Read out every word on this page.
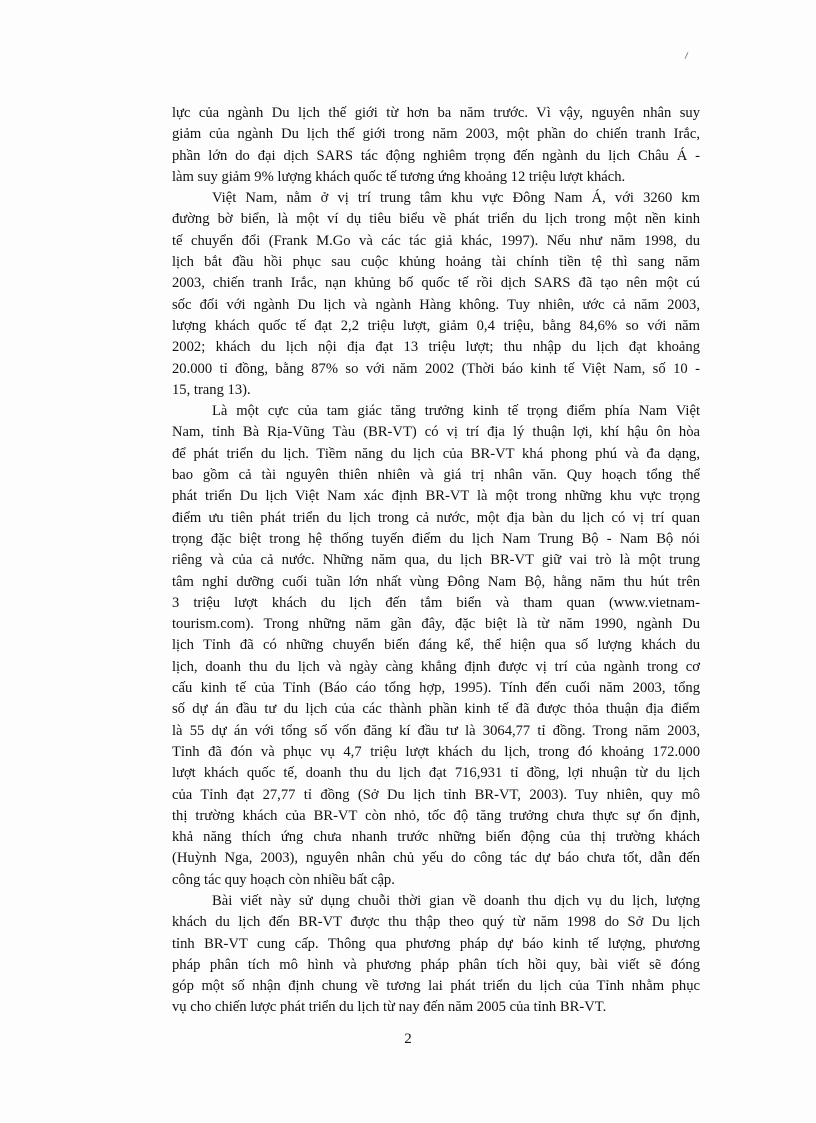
lực của ngành Du lịch thế giới từ hơn ba năm trước. Vì vậy, nguyên nhân suy
giảm của ngành Du lịch thế giới trong năm 2003, một phần do chiến tranh Irắc,
phần lớn do đại dịch SARS tác động nghiêm trọng đến ngành du lịch Châu Á -
làm suy giảm 9% lượng khách quốc tế tương ứng khoảng 12 triệu lượt khách.
Việt Nam, nằm ở vị trí trung tâm khu vực Đông Nam Á, với 3260 km
đường bờ biển, là một ví dụ tiêu biểu về phát triển du lịch trong một nền kinh
tế chuyển đổi (Frank M.Go và các tác giả khác, 1997). Nếu như năm 1998, du
lịch bắt đầu hồi phục sau cuộc khủng hoảng tài chính tiền tệ thì sang năm
2003, chiến tranh Irắc, nạn khủng bố quốc tế rồi dịch SARS đã tạo nên một cú
sốc đối với ngành Du lịch và ngành Hàng không. Tuy nhiên, ước cả năm 2003,
lượng khách quốc tế đạt 2,2 triệu lượt, giảm 0,4 triệu, bằng 84,6% so với năm
2002; khách du lịch nội địa đạt 13 triệu lượt; thu nhập du lịch đạt khoảng
20.000 tỉ đồng, bằng 87% so với năm 2002 (Thời báo kinh tế Việt Nam, số 10 -
15, trang 13).
Là một cực của tam giác tăng trưởng kinh tế trọng điểm phía Nam Việt
Nam, tỉnh Bà Rịa-Vũng Tàu (BR-VT) có vị trí địa lý thuận lợi, khí hậu ôn hòa
để phát triển du lịch. Tiềm năng du lịch của BR-VT khá phong phú và đa dạng,
bao gồm cả tài nguyên thiên nhiên và giá trị nhân văn. Quy hoạch tổng thể
phát triển Du lịch Việt Nam xác định BR-VT là một trong những khu vực trọng
điểm ưu tiên phát triển du lịch trong cả nước, một địa bàn du lịch có vị trí quan
trọng đặc biệt trong hệ thống tuyến điểm du lịch Nam Trung Bộ - Nam Bộ nói
riêng và của cả nước. Những năm qua, du lịch BR-VT giữ vai trò là một trung
tâm nghỉ dưỡng cuối tuần lớn nhất vùng Đông Nam Bộ, hằng năm thu hút trên
3 triệu lượt khách du lịch đến tắm biển và tham quan (www.vietnam-
tourism.com). Trong những năm gần đây, đặc biệt là từ năm 1990, ngành Du
lịch Tỉnh đã có những chuyển biến đáng kể, thể hiện qua số lượng khách du
lịch, doanh thu du lịch và ngày càng khẳng định được vị trí của ngành trong cơ
cấu kinh tế của Tỉnh (Báo cáo tổng hợp, 1995). Tính đến cuối năm 2003, tổng
số dự án đầu tư du lịch của các thành phần kinh tế đã được thỏa thuận địa điểm
là 55 dự án với tổng số vốn đăng kí đầu tư là 3064,77 tỉ đồng. Trong năm 2003,
Tỉnh đã đón và phục vụ 4,7 triệu lượt khách du lịch, trong đó khoảng 172.000
lượt khách quốc tế, doanh thu du lịch đạt 716,931 tỉ đồng, lợi nhuận từ du lịch
của Tỉnh đạt 27,77 tỉ đồng (Sở Du lịch tỉnh BR-VT, 2003). Tuy nhiên, quy mô
thị trường khách của BR-VT còn nhỏ, tốc độ tăng trưởng chưa thực sự ổn định,
khả năng thích ứng chưa nhanh trước những biến động của thị trường khách
(Huỳnh Nga, 2003), nguyên nhân chủ yếu do công tác dự báo chưa tốt, dẫn đến
công tác quy hoạch còn nhiều bất cập.
Bài viết này sử dụng chuỗi thời gian về doanh thu dịch vụ du lịch, lượng
khách du lịch đến BR-VT được thu thập theo quý từ năm 1998 do Sở Du lịch
tỉnh BR-VT cung cấp. Thông qua phương pháp dự báo kinh tế lượng, phương
pháp phân tích mô hình và phương pháp phân tích hồi quy, bài viết sẽ đóng
góp một số nhận định chung về tương lai phát triển du lịch của Tỉnh nhằm phục
vụ cho chiến lược phát triển du lịch từ nay đến năm 2005 của tỉnh BR-VT.
2
